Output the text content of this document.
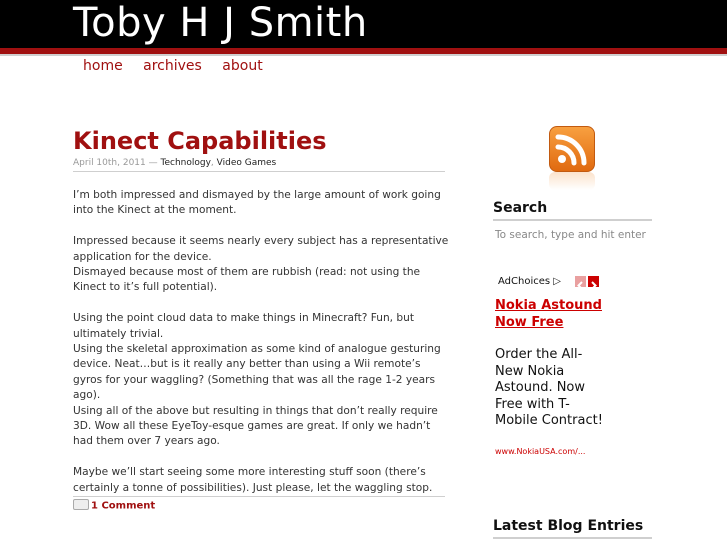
Toby H J Smith
home archives about
Kinect Capabilities
April 10th, 2011 — Technology, Video Games

I’m both impressed and dismayed by the large amount of work going into the Kinect at the moment.

Impressed because it seems nearly every subject has a representative application for the device.
Dismayed because most of them are rubbish (read: not using the Kinect to it’s full potential).

Using the point cloud data to make things in Minecraft? Fun, but ultimately trivial.
Using the skeletal approximation as some kind of analogue gesturing device. Neat…but is it really any better than using a Wii remote’s gyros for your waggling? (Something that was all the rage 1-2 years ago).
Using all of the above but resulting in things that don’t really require 3D. Wow all these EyeToy-esque games are great. If only we hadn’t had them over 7 years ago.

Maybe we’ll start seeing some more interesting stuff soon (there’s certainly a tonne of possibilities). Just please, let the waggling stop.

1 Comment
Search
To search, type and hit enter
AdChoices ▷
Nokia Astound Now Free
Order the All-New Nokia Astound. Now Free with T-Mobile Contract!
www.NokiaUSA.com/...
Latest Blog Entries
